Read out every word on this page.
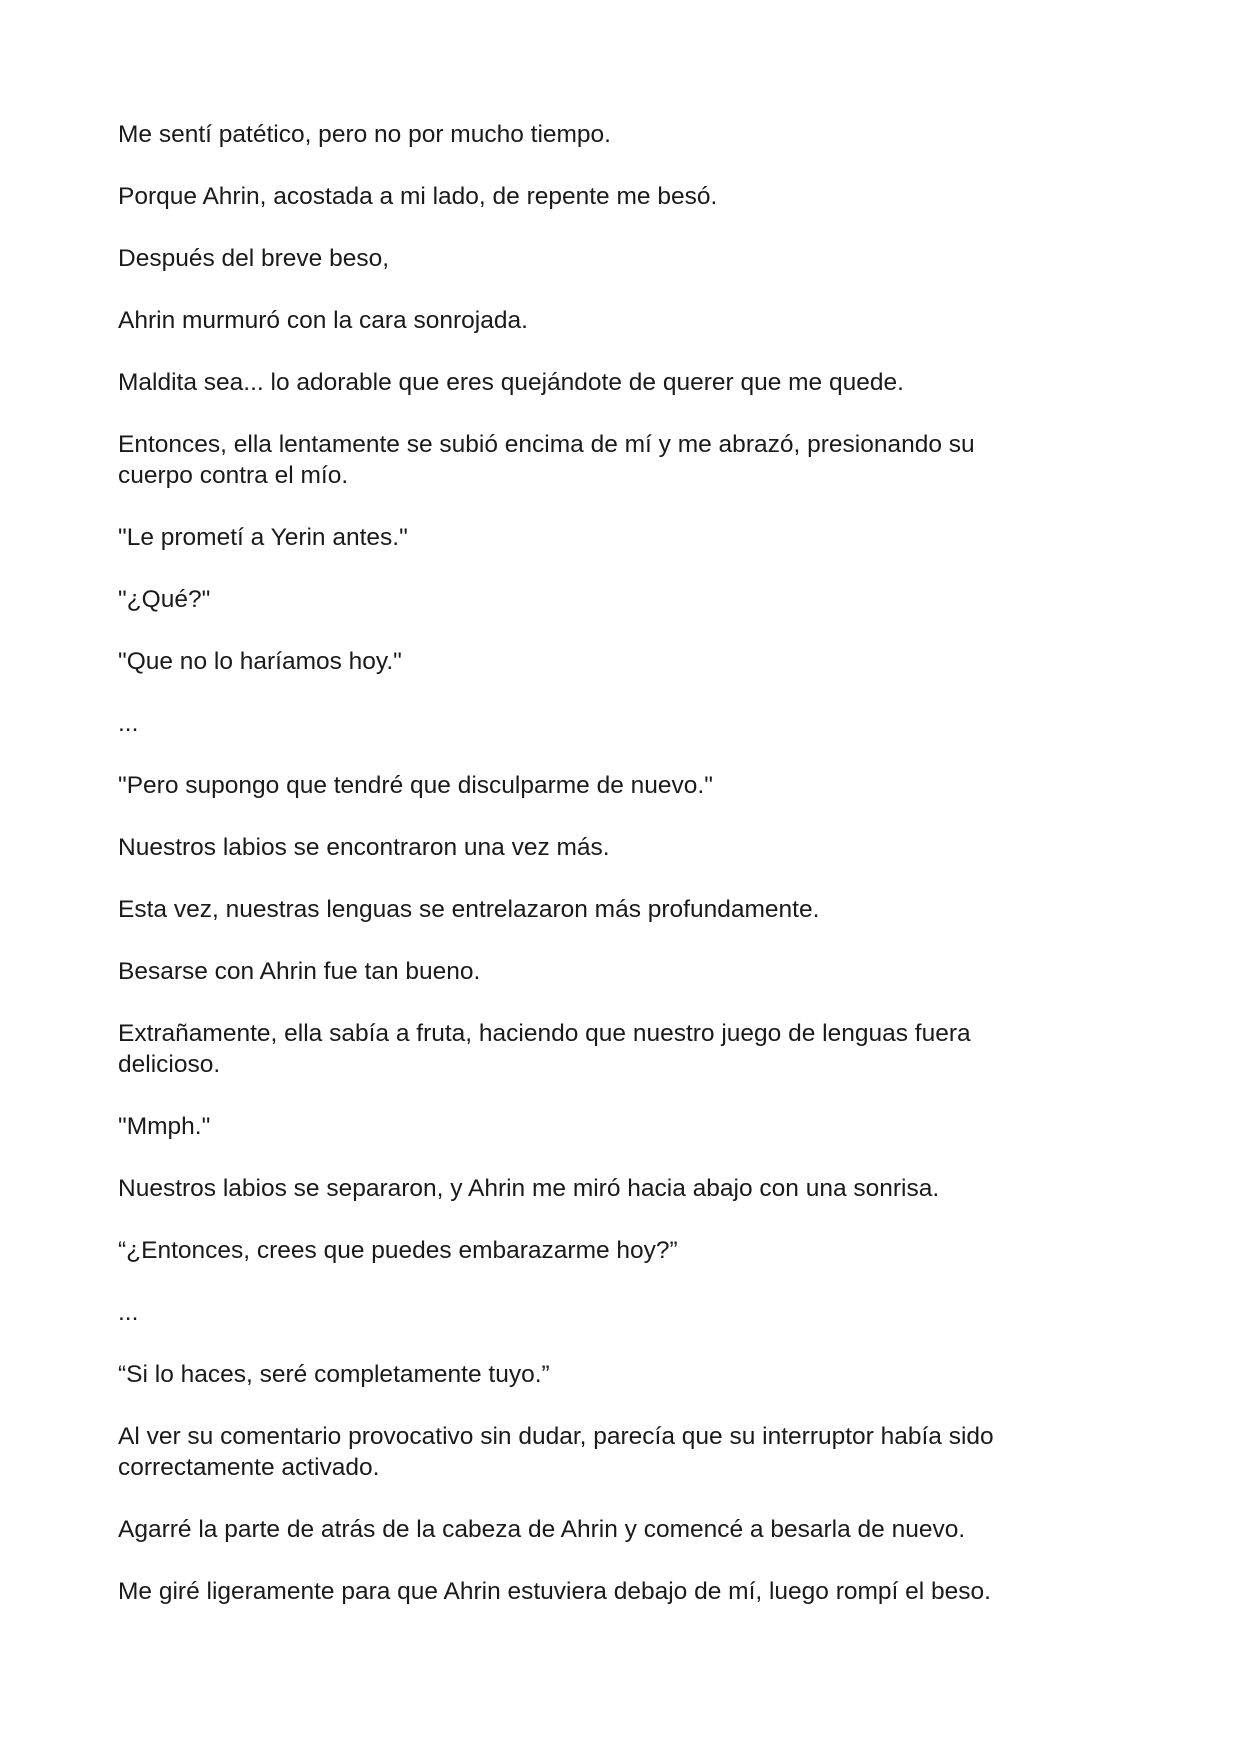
Me sentí patético, pero no por mucho tiempo.

Porque Ahrin, acostada a mi lado, de repente me besó.

Después del breve beso,

Ahrin murmuró con la cara sonrojada.

Maldita sea... lo adorable que eres quejándote de querer que me quede.

Entonces, ella lentamente se subió encima de mí y me abrazó, presionando su
cuerpo contra el mío.

"Le prometí a Yerin antes."

"¿Qué?"

"Que no lo haríamos hoy."

...

"Pero supongo que tendré que disculparme de nuevo."

Nuestros labios se encontraron una vez más.

Esta vez, nuestras lenguas se entrelazaron más profundamente.

Besarse con Ahrin fue tan bueno.

Extrañamente, ella sabía a fruta, haciendo que nuestro juego de lenguas fuera
delicioso.

"Mmph."

Nuestros labios se separaron, y Ahrin me miró hacia abajo con una sonrisa.

“¿Entonces, crees que puedes embarazarme hoy?”

...

“Si lo haces, seré completamente tuyo.”

Al ver su comentario provocativo sin dudar, parecía que su interruptor había sido
correctamente activado.

Agarré la parte de atrás de la cabeza de Ahrin y comencé a besarla de nuevo.

Me giré ligeramente para que Ahrin estuviera debajo de mí, luego rompí el beso.
